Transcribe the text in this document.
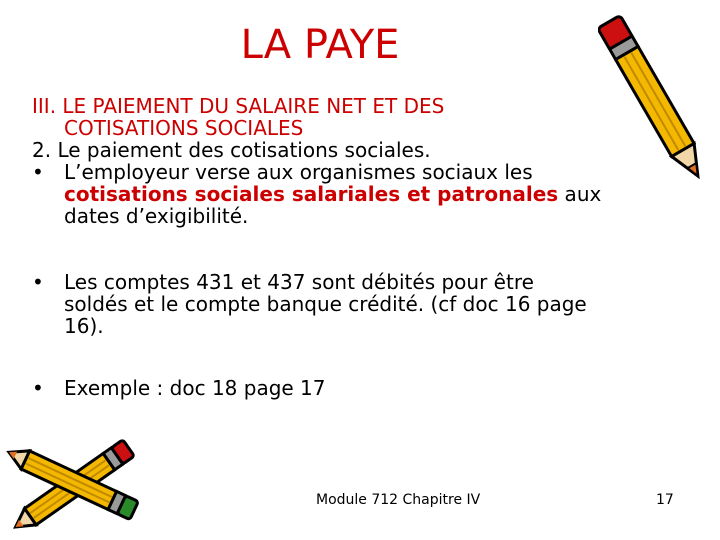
LA PAYE
III. LE PAIEMENT DU SALAIRE NET ET DES
COTISATIONS SOCIALES
2. Le paiement des cotisations sociales.
•	L’employeur verse aux organismes sociaux les
cotisations sociales salariales et patronales aux
dates d’exigibilité.
•	Les comptes 431 et 437 sont débités pour être
soldés et le compte banque crédité. (cf doc 16 page
16).
•	Exemple : doc 18 page 17
Module 712 Chapitre IV	17
